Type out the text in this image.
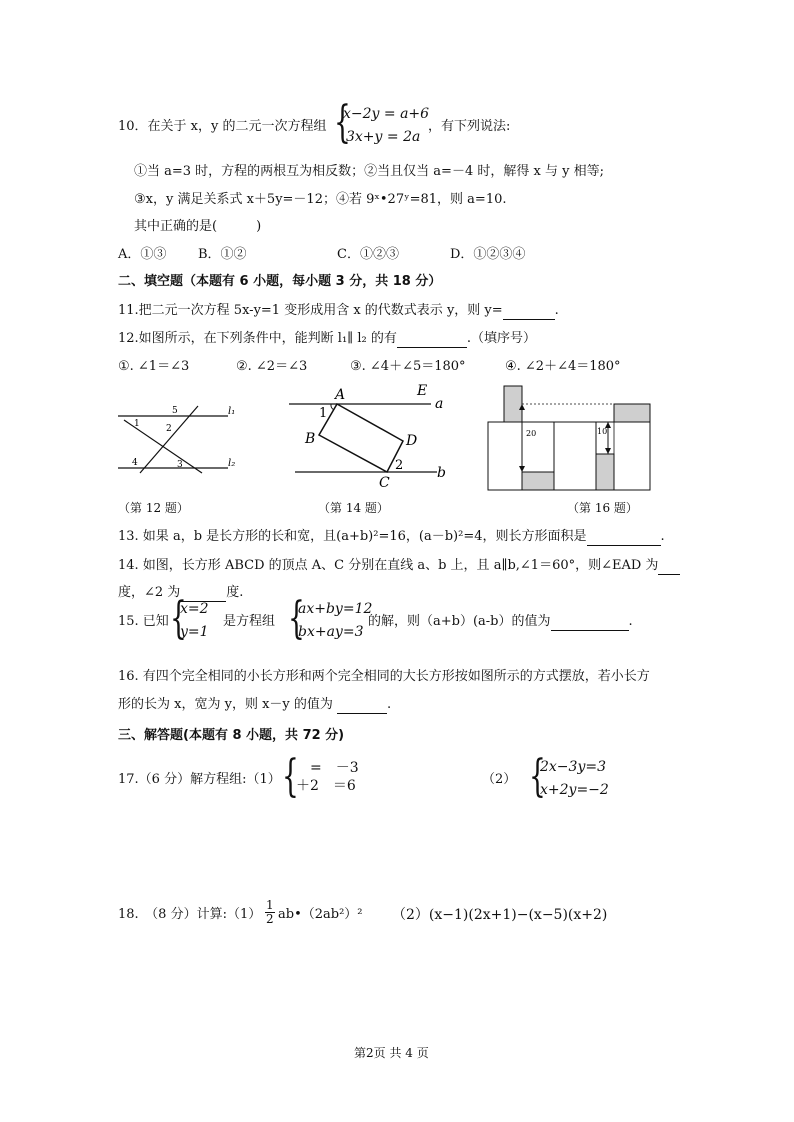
10．在关于 x，y 的二元一次方程组 {
x−2y = a+6
3x+y = 2a
，有下列说法:
①当 a=3 时，方程的两根互为相反数；②当且仅当 a=－4 时，解得 x 与 y 相等;
③x，y 满足关系式 x＋5y=－12；④若 9ˣ•27ʸ=81，则 a=10.
其中正确的是(　　　)
A．①③ B．①②	C．①②③	D．①②③④
二、填空题（本题有 6 小题，每小题 3 分，共 18 分）
11.把二元一次方程 5x-y=1 变形成用含 x 的代数式表示 y，则 y=	.
12.如图所示，在下列条件中，能判断 l₁∥ l₂ 的有	.（填序号）
①. ∠1＝∠3	②. ∠2＝∠3	③. ∠4＋∠5＝180°	④. ∠2＋∠4＝180°
l₁
l₂
1	2
3
4
5
（第 12 题）
A
B
C
D
E
a
b
1
2
（第 14 题）
20	10
（第 16 题）
13. 如果 a，b 是长方形的长和宽，且(a+b)²=16，(a－b)²=4，则长方形面积是	.
14. 如图，长方形 ABCD 的顶点 A、C 分别在直线 a、b 上，且 a∥b,∠1＝60°，则∠EAD 为
度，∠2 为	度.
15. 已知 {
x=2
y=1
是方程组 {
ax+by=12
bx+ay=3
的解，则（a+b）(a-b）的值为	.
16. 有四个完全相同的小长方形和两个完全相同的大长方形按如图所示的方式摆放，若小长方
形的长为 x，宽为 y，则 x－y 的值为	.
三、解答题(本题有 8 小题，共 72 分)
17.（6 分）解方程组:（1） {
　=　－3
＋2　＝6	（2） {
2x−3y=3
x+2y=−2
18.　（8 分）计算:（1） $\frac{1}{2}$ ab•（2ab²）² （2）(x−1)(2x+1)−(x−5)(x+2)
第2页 共 4 页
